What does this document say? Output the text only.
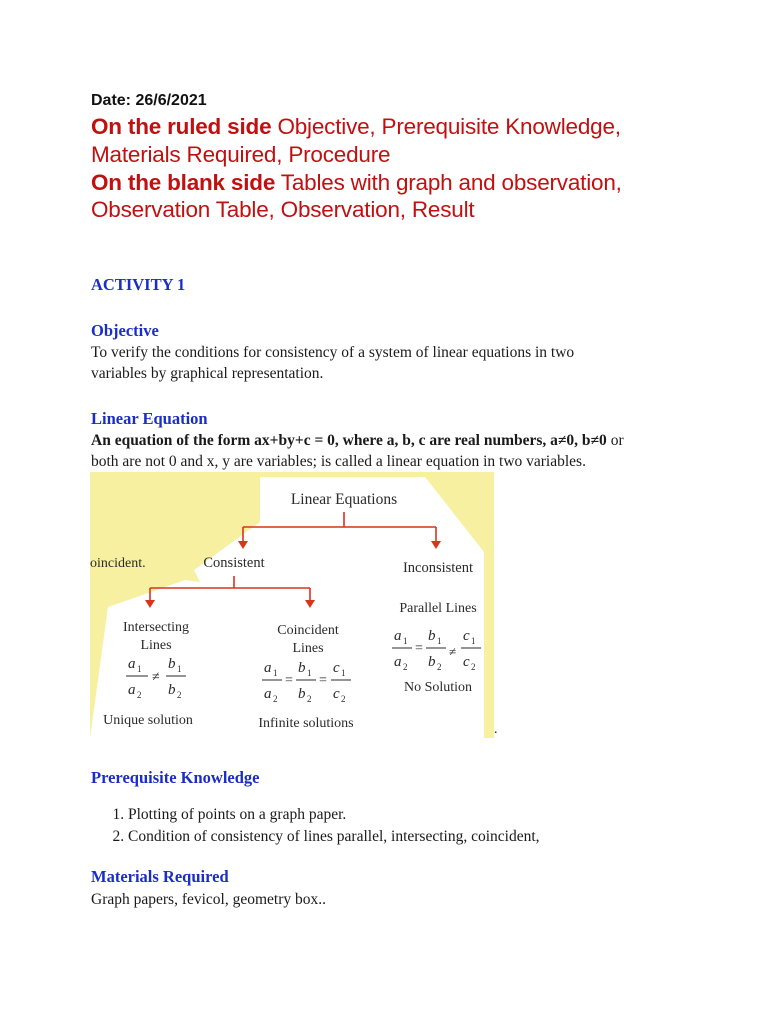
Date: 26/6/2021
On the ruled side Objective, Prerequisite Knowledge,
Materials Required, Procedure
On the blank side Tables with graph and observation,
Observation Table, Observation, Result
ACTIVITY 1
Objective
To verify the conditions for consistency of a system of linear equations in two
variables by graphical representation.
Linear Equation
An equation of the form ax+by+c = 0, where a, b, c are real numbers, a≠0, b≠0 or
both are not 0 and x, y are variables; is called a linear equation in two variables.
Linear Equations
oincident.	Consistent	Inconsistent
Intersecting
Lines
Coincident
Lines
Parallel Lines
a 1
a 2
≠
b 1
b 2
a 1
a 2
=
b 1
b 2
=
c 1
c 2
a 1
a 2
=
b 1
b 2
≠
c 1
c 2
No Solution
Unique solution	Infinite solutions	.
Prerequisite Knowledge
1. Plotting of points on a graph paper.
2. Condition of consistency of lines parallel, intersecting, coincident,
Materials Required
Graph papers, fevicol, geometry box..
